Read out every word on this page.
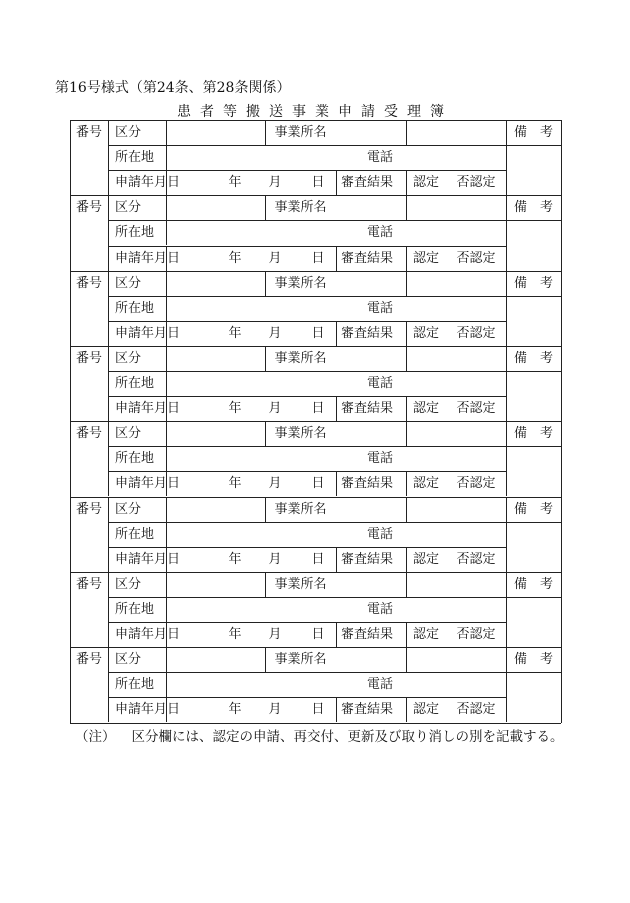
第16号様式（第24条、第28条関係）
患者等搬送事業申請受理簿
番号 区分	事業所名	備　考
所在地	電話
申請年月日	年 月 日 審査結果 認定 否認定
番号 区分	事業所名	備　考
所在地	電話
申請年月日	年 月 日 審査結果 認定 否認定
番号 区分	事業所名	備　考
所在地	電話
申請年月日	年 月 日 審査結果 認定 否認定
番号 区分	事業所名	備　考
所在地	電話
申請年月日	年 月 日 審査結果 認定 否認定
番号 区分	事業所名	備　考
所在地	電話
申請年月日	年 月 日 審査結果 認定 否認定
番号 区分	事業所名	備　考
所在地	電話
申請年月日	年 月 日 審査結果 認定 否認定
番号 区分	事業所名	備　考
所在地	電話
申請年月日	年 月 日 審査結果 認定 否認定
番号 区分	事業所名	備　考
所在地	電話
申請年月日	年 月 日 審査結果 認定 否認定
（注） 区分欄には、認定の申請、再交付、更新及び取り消しの別を記載する。
